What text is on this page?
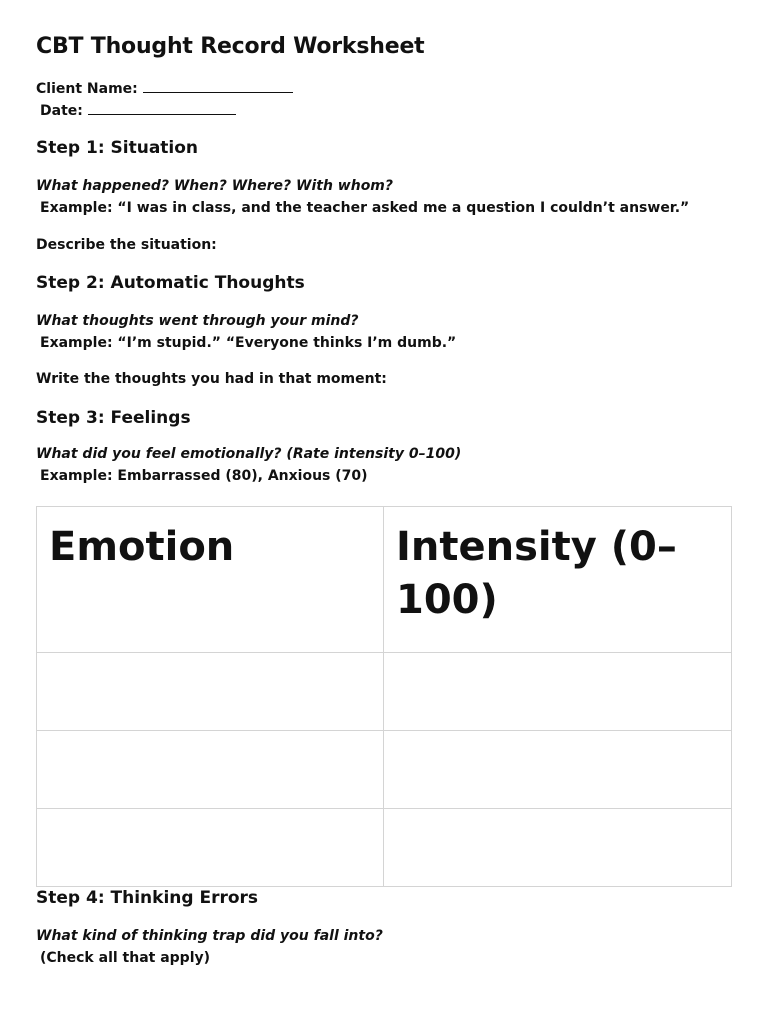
CBT Thought Record Worksheet
Client Name:
Date:
Step 1: Situation
What happened? When? Where? With whom?
Example: “I was in class, and the teacher asked me a question I couldn’t answer.”
Describe the situation:
Step 2: Automatic Thoughts
What thoughts went through your mind?
Example: “I’m stupid.” “Everyone thinks I’m dumb.”
Write the thoughts you had in that moment:
Step 3: Feelings
What did you feel emotionally? (Rate intensity 0–100)
Example: Embarrassed (80), Anxious (70)
Emotion	Intensity (0–100)

Step 4: Thinking Errors
What kind of thinking trap did you fall into?
(Check all that apply)
